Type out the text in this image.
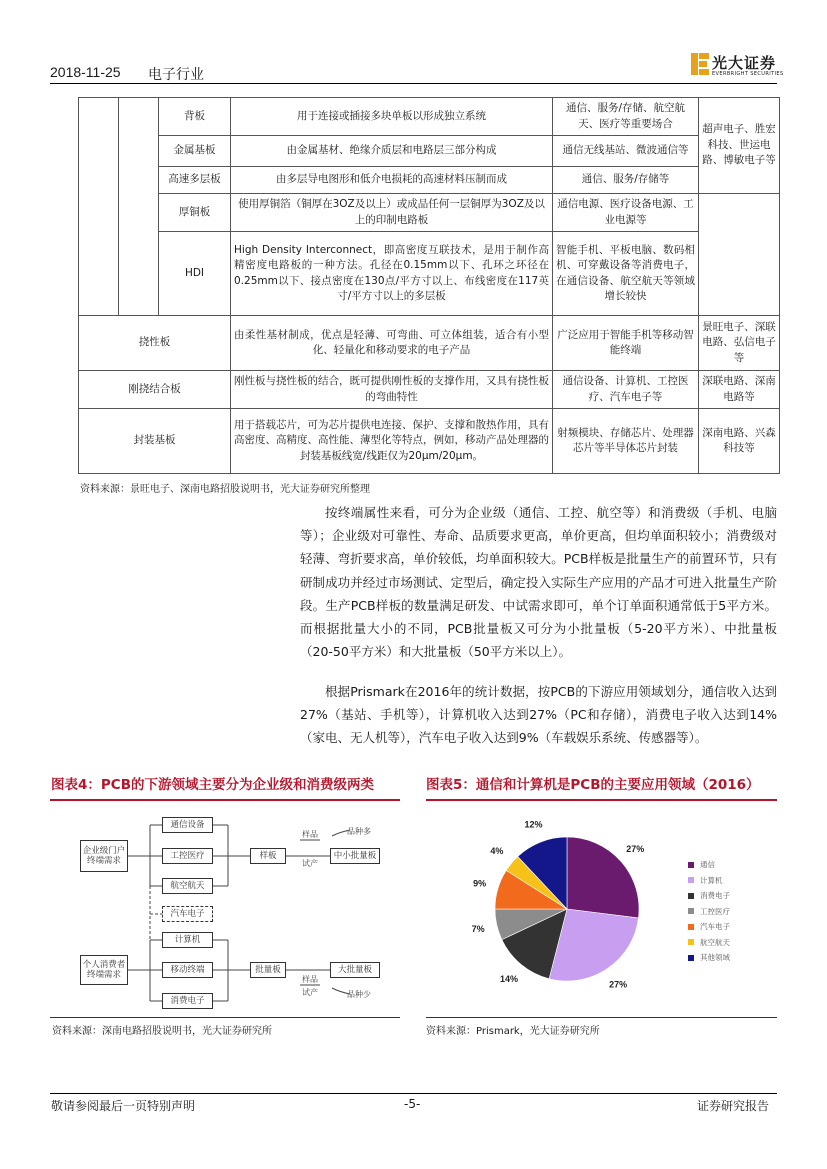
2018-11-25 电子行业
光大证券
EVERBRIGHT SECURITIES
		背板	用于连接或插接多块单板以形成独立系统	通信、服务/存储、航空航天、医疗等重要场合	超声电子、胜宏科技、世运电路、博敏电子等
		金属基板	由金属基材、绝缘介质层和电路层三部分构成	通信无线基站、微波通信等	
		高速多层板	由多层导电图形和低介电损耗的高速材料压制而成	通信、服务/存储等	
		厚铜板	使用厚铜箔（铜厚在3OZ及以上）或成品任何一层铜厚为3OZ及以上的印制电路板	通信电源、医疗设备电源、工业电源等	
		HDI	High Density Interconnect，即高密度互联技术，是用于制作高精密度电路板的一种方法。孔径在0.15mm以下、孔环之环径在0.25mm以下、接点密度在130点/平方寸以上、布线密度在117英寸/平方寸以上的多层板	智能手机、平板电脑、数码相机、可穿戴设备等消费电子，在通信设备、航空航天等领域增长较快	
挠性板			由柔性基材制成，优点是轻薄、可弯曲、可立体组装，适合有小型化、轻量化和移动要求的电子产品	广泛应用于智能手机等移动智能终端	景旺电子、深联电路、弘信电子等
刚挠结合板			刚性板与挠性板的结合，既可提供刚性板的支撑作用，又具有挠性板的弯曲特性	通信设备、计算机、工控医疗、汽车电子等	深联电路、深南电路等
封装基板			用于搭载芯片，可为芯片提供电连接、保护、支撑和散热作用，具有高密度、高精度、高性能、薄型化等特点，例如，移动产品处理器的封装基板线宽/线距仅为20μm/20μm。	射频模块、存储芯片、处理器芯片等半导体芯片封装	深南电路、兴森科技等
资料来源：景旺电子、深南电路招股说明书，光大证券研究所整理

按终端属性来看，可分为企业级（通信、工控、航空等）和消费级（手机、电脑等）；企业级对可靠性、寿命、品质要求更高，单价更高，但均单面积较小；消费级对轻薄、弯折要求高，单价较低，均单面积较大。PCB样板是批量生产的前置环节，只有研制成功并经过市场测试、定型后，确定投入实际生产应用的产品才可进入批量生产阶段。生产PCB样板的数量满足研发、中试需求即可，单个订单面积通常低于5平方米。而根据批量大小的不同，PCB批量板又可分为小批量板（5-20平方米）、中批量板（20-50平方米）和大批量板（50平方米以上）。

根据Prismark在2016年的统计数据，按PCB的下游应用领域划分，通信收入达到27%（基站、手机等），计算机收入达到27%（PC和存储），消费电子收入达到14%（家电、无人机等），汽车电子收入达到9%（车载娱乐系统、传感器等）。

图表4：PCB的下游领域主要分为企业级和消费级两类	图表5：通信和计算机是PCB的主要应用领域（2016）
企业级门户终端需求
个人消费者终端需求
通信设备
工控医疗
航空航天
汽车电子
计算机
移动终端
消费电子
样板
批量板
样品
试产
样品
试产
中小批量板
大批量板
品种多
品种少
27%
27%
14%
7%
9%
4%
12%
通信
计算机
消费电子
工控医疗
汽车电子
航空航天
其他领域
资料来源：深南电路招股说明书，光大证券研究所	资料来源：Prismark，光大证券研究所
敬请参阅最后一页特别声明	-5-	证券研究报告
